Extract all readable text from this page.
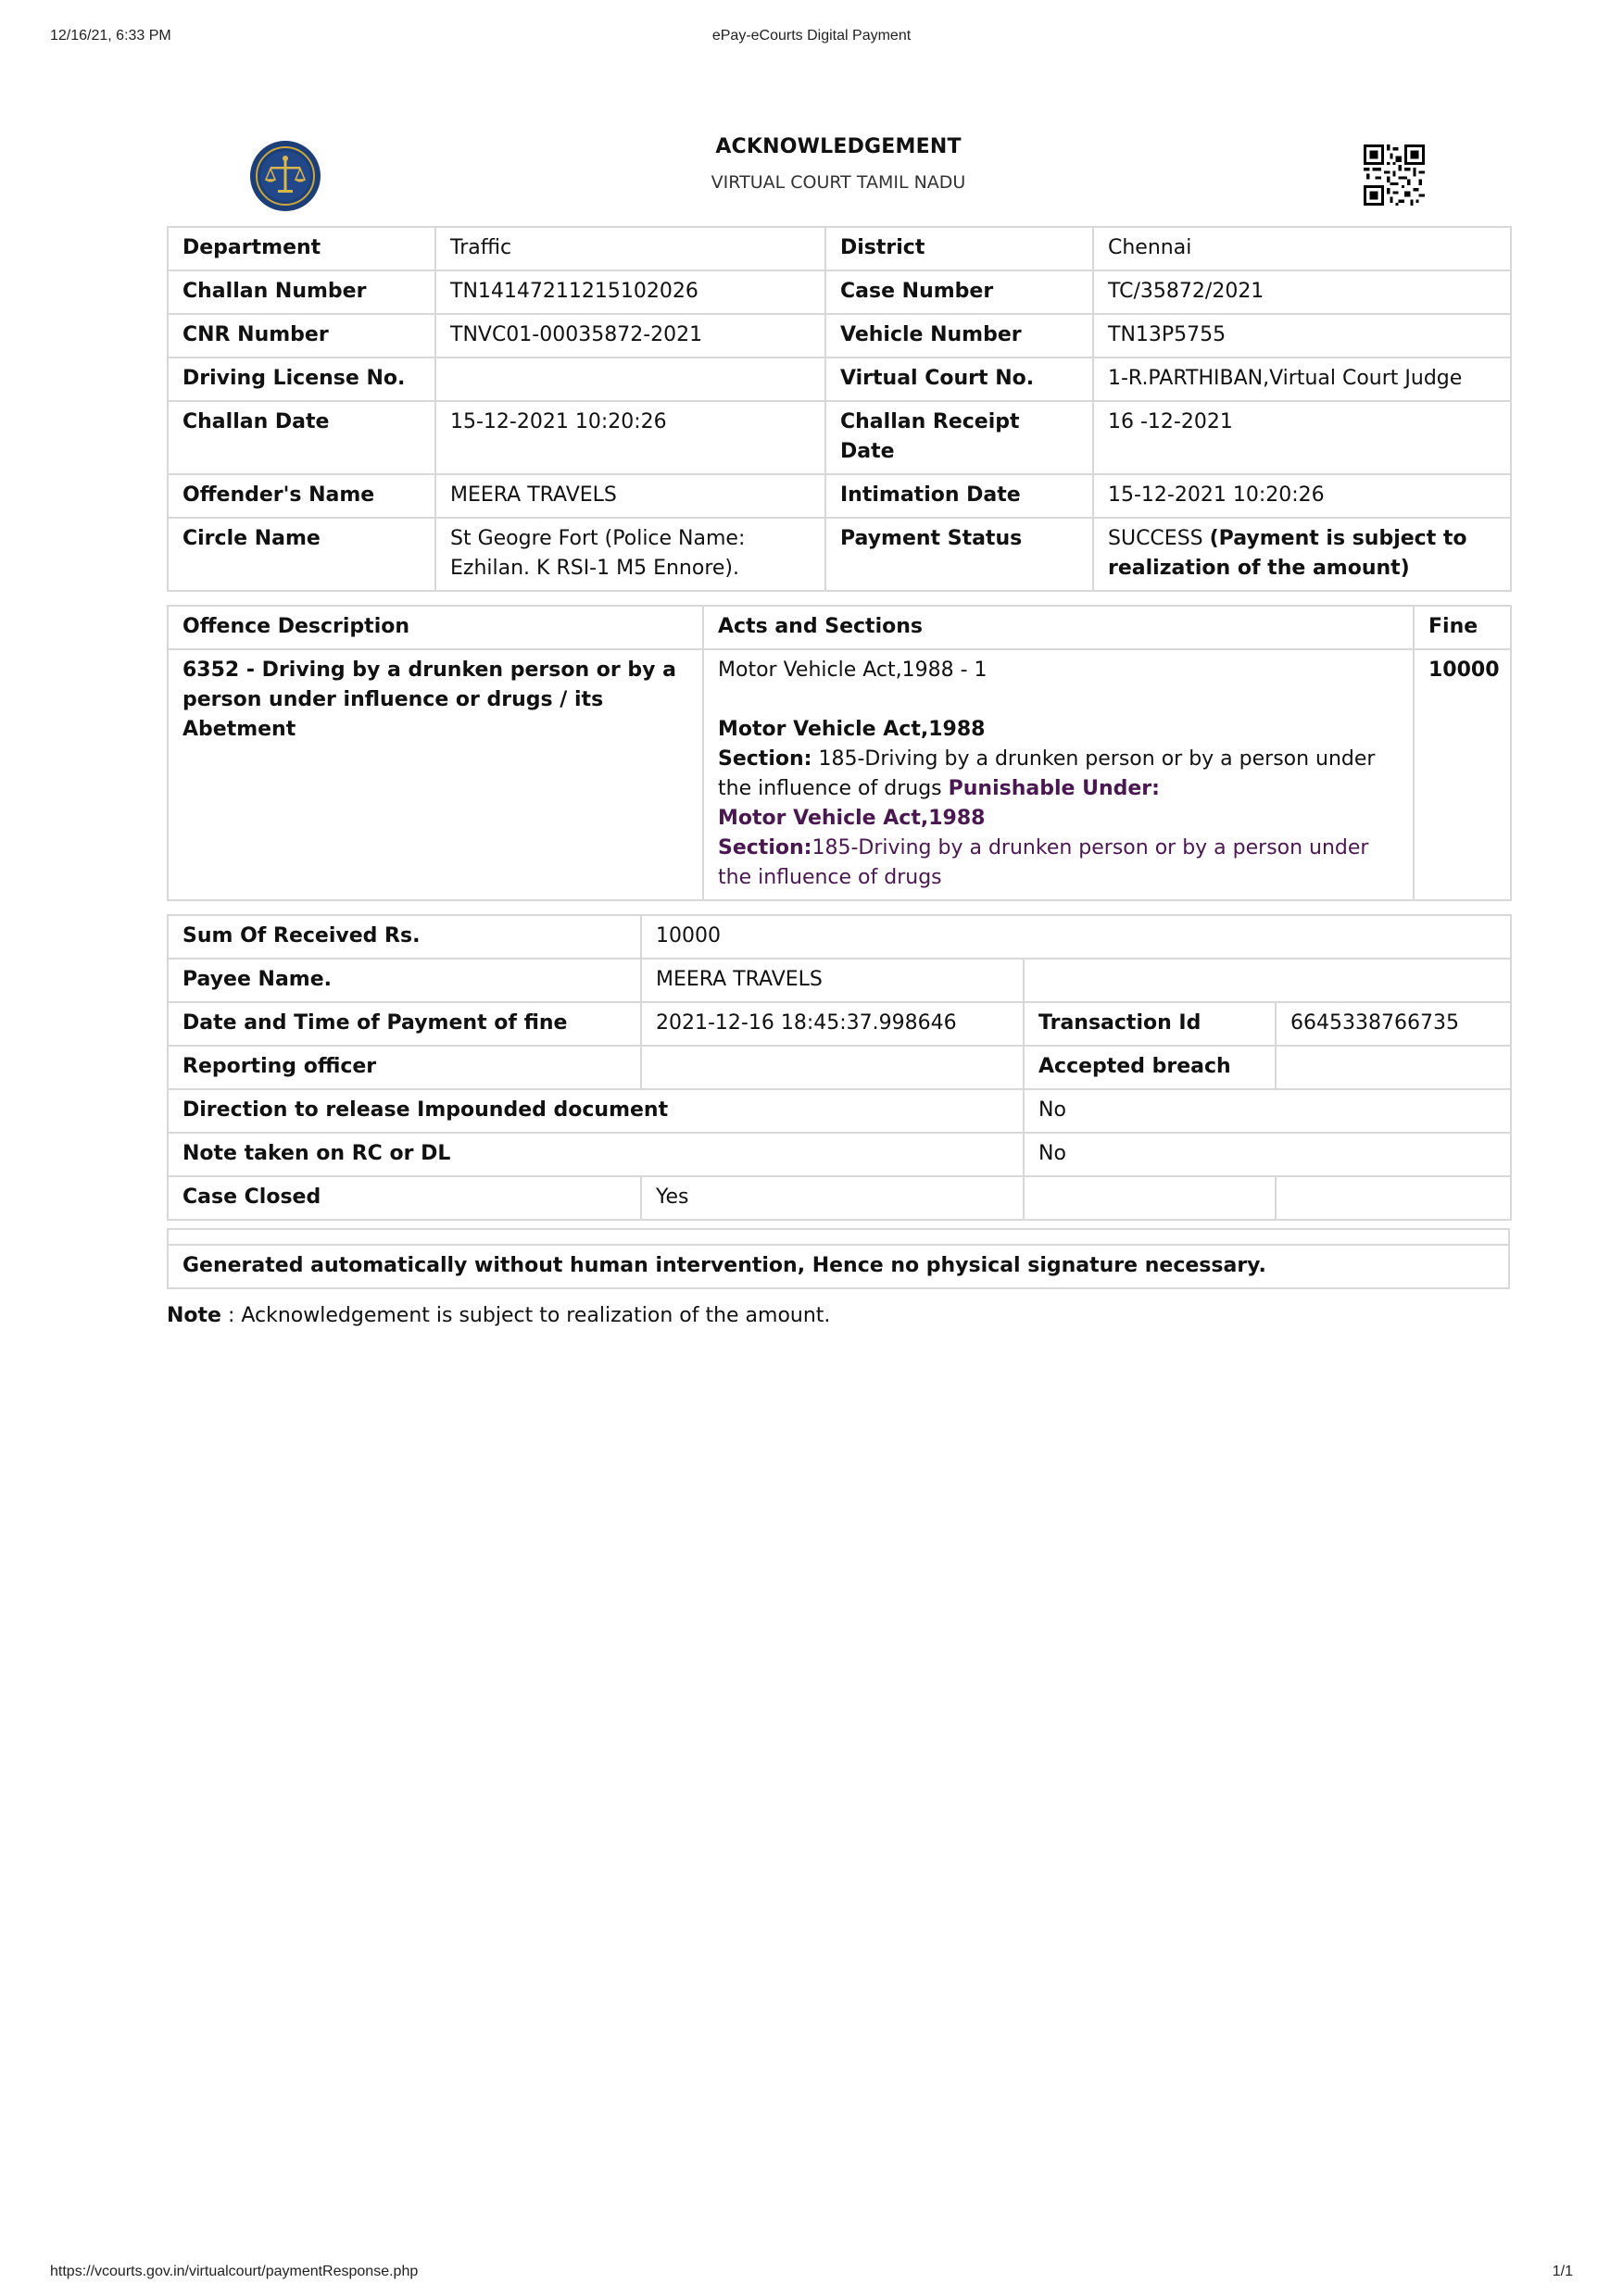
12/16/21, 6:33 PM	ePay-eCourts Digital Payment
ACKNOWLEDGEMENT
VIRTUAL COURT TAMIL NADU
Department	Traffic	District	Chennai
Challan Number	TN14147211215102026	Case Number	TC/35872/2021
CNR Number	TNVC01-00035872-2021	Vehicle Number	TN13P5755
Driving License No.		Virtual Court No.	1-R.PARTHIBAN,Virtual Court Judge
Challan Date	15-12-2021 10:20:26	Challan Receipt Date	16 -12-2021
Offender's Name	MEERA TRAVELS	Intimation Date	15-12-2021 10:20:26
Circle Name	St Geogre Fort (Police Name: Ezhilan. K RSI-1 M5 Ennore).	Payment Status	SUCCESS (Payment is subject to realization of the amount)
Offence Description	Acts and Sections	Fine
6352 - Driving by a drunken person or by a person under influence or drugs / its Abetment	Motor Vehicle Act,1988 - 1
Motor Vehicle Act,1988
Section: 185-Driving by a drunken person or by a person under the influence of drugs Punishable Under:
Motor Vehicle Act,1988
Section:185-Driving by a drunken person or by a person under the influence of drugs	10000
Sum Of Received Rs.	10000		
Payee Name.	MEERA TRAVELS		
Date and Time of Payment of fine	2021-12-16 18:45:37.998646	Transaction Id	6645338766735
Reporting officer		Accepted breach	
Direction to release Impounded document		No	
Note taken on RC or DL		No	
Case Closed	Yes		

Generated automatically without human intervention, Hence no physical signature necessary.
Note : Acknowledgement is subject to realization of the amount.
https://vcourts.gov.in/virtualcourt/paymentResponse.php	1/1
